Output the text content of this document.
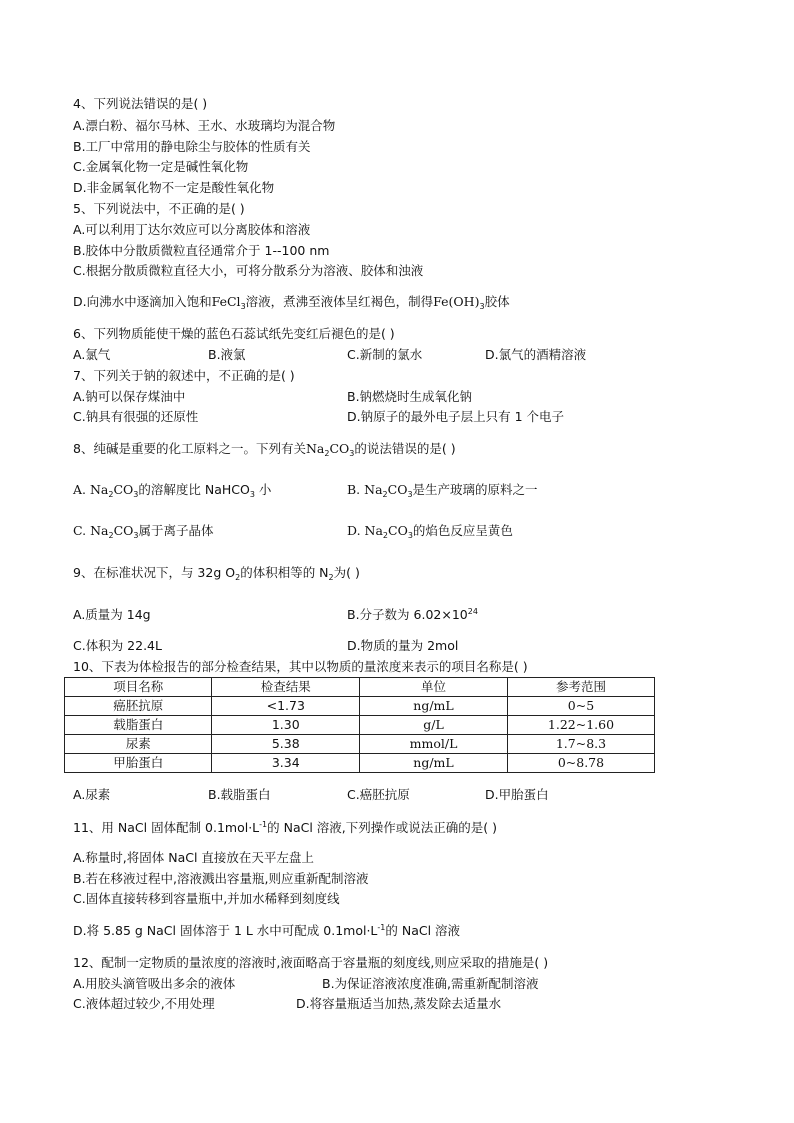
4、下列说法错误的是( )
A.漂白粉、福尔马林、王水、水玻璃均为混合物
B.工厂中常用的静电除尘与胶体的性质有关
C.金属氧化物一定是碱性氧化物
D.非金属氧化物不一定是酸性氧化物
5、下列说法中，不正确的是( )
A.可以利用丁达尔效应可以分离胶体和溶液
B.胶体中分散质微粒直径通常介于 1--100 nm
C.根据分散质微粒直径大小，可将分散系分为溶液、胶体和浊液
D.向沸水中逐滴加入饱和FeCl$_3$溶液，煮沸至液体呈红褐色，制得$Fe(OH)_3$胶体
6、下列物质能使干燥的蓝色石蕊试纸先变红后褪色的是( )
A.氯气	B.液氯	C.新制的氯水	D.氯气的酒精溶液
7、下列关于钠的叙述中，不正确的是( )
A.钠可以保存煤油中	B.钠燃烧时生成氧化钠
C.钠具有很强的还原性	D.钠原子的最外电子层上只有 1 个电子
8、纯碱是重要的化工原料之一。下列有关$Na_2CO_3$的说法错误的是( )
A. $Na_2CO_3$的溶解度比 NaHCO$_3$ 小	B. $Na_2CO_3$是生产玻璃的原料之一
C. $Na_2CO_3$属于离子晶体	D. $Na_2CO_3$的焰色反应呈黄色
9、在标准状况下，与 32g $O_2$的体积相等的 $N_2$为( )
A.质量为 14g	B.分子数为 $6.02\times 10^{24}$
C.体积为 22.4L	D.物质的量为 2mol
10、下表为体检报告的部分检查结果，其中以物质的量浓度来表示的项目名称是( )
项目名称	检查结果	单位	参考范围
癌胚抗原	<1.73	ng/mL	0~5
载脂蛋白	1.30	g/L	1.22~1.60
尿素	5.38	mmol/L	1.7~8.3
甲胎蛋白	3.34	ng/mL	0~8.78
A.尿素	B.载脂蛋白	C.癌胚抗原	D.甲胎蛋白
11、用 NaCl 固体配制 $0.1mol\cdot L^{-1}$的 NaCl 溶液,下列操作或说法正确的是( )
A.称量时,将固体 NaCl 直接放在天平左盘上
B.若在移液过程中,溶液溅出容量瓶,则应重新配制溶液
C.固体直接转移到容量瓶中,并加水稀释到刻度线
D.将 5.85 g NaCl 固体溶于 1 L 水中可配成 $0.1mol\cdot L^{-1}$的 NaCl 溶液
12、配制一定物质的量浓度的溶液时,液面略高于容量瓶的刻度线,则应采取的措施是( )
A.用胶头滴管吸出多余的液体	B.为保证溶液浓度准确,需重新配制溶液
C.液体超过较少,不用处理	D.将容量瓶适当加热,蒸发除去适量水
